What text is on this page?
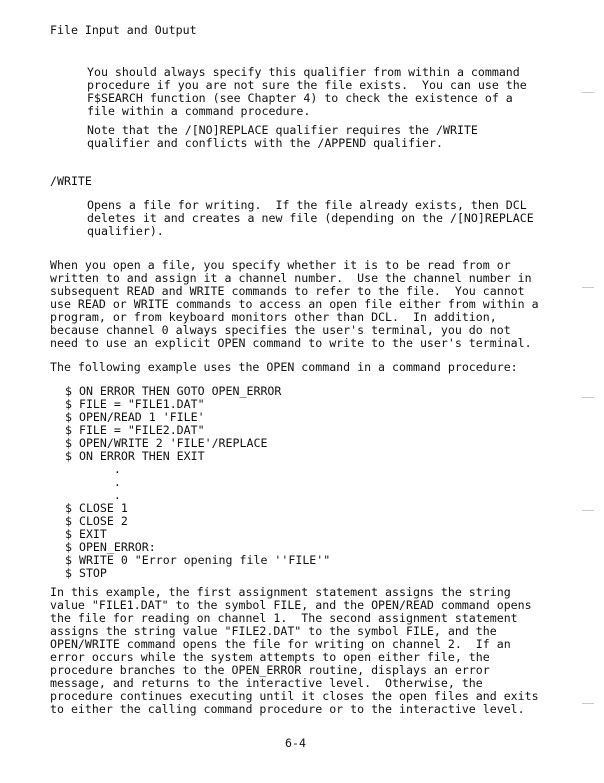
File Input and Output
You should always specify this qualifier from within a command
procedure if you are not sure the file exists.  You can use the
F$SEARCH function (see Chapter 4) to check the existence of a
file within a command procedure.
Note that the /[NO]REPLACE qualifier requires the /WRITE
qualifier and conflicts with the /APPEND qualifier.
/WRITE
Opens a file for writing.  If the file already exists, then DCL
deletes it and creates a new file (depending on the /[NO]REPLACE
qualifier).
When you open a file, you specify whether it is to be read from or
written to and assign it a channel number.  Use the channel number in
subsequent READ and WRITE commands to refer to the file.  You cannot
use READ or WRITE commands to access an open file either from within a
program, or from keyboard monitors other than DCL.  In addition,
because channel 0 always specifies the user's terminal, you do not
need to use an explicit OPEN command to write to the user's terminal.
The following example uses the OPEN command in a command procedure:
$ ON ERROR THEN GOTO OPEN_ERROR
$ FILE = "FILE1.DAT"
$ OPEN/READ 1 'FILE'
$ FILE = "FILE2.DAT"
$ OPEN/WRITE 2 'FILE'/REPLACE
$ ON ERROR THEN EXIT
.
.
.
$ CLOSE 1
$ CLOSE 2
$ EXIT
$ OPEN_ERROR:
$ WRITE 0 "Error opening file ''FILE'"
$ STOP
In this example, the first assignment statement assigns the string
value "FILE1.DAT" to the symbol FILE, and the OPEN/READ command opens
the file for reading on channel 1.  The second assignment statement
assigns the string value "FILE2.DAT" to the symbol FILE, and the
OPEN/WRITE command opens the file for writing on channel 2.  If an
error occurs while the system attempts to open either file, the
procedure branches to the OPEN_ERROR routine, displays an error
message, and returns to the interactive level.  Otherwise, the
procedure continues executing until it closes the open files and exits
to either the calling command procedure or to the interactive level.
6-4
